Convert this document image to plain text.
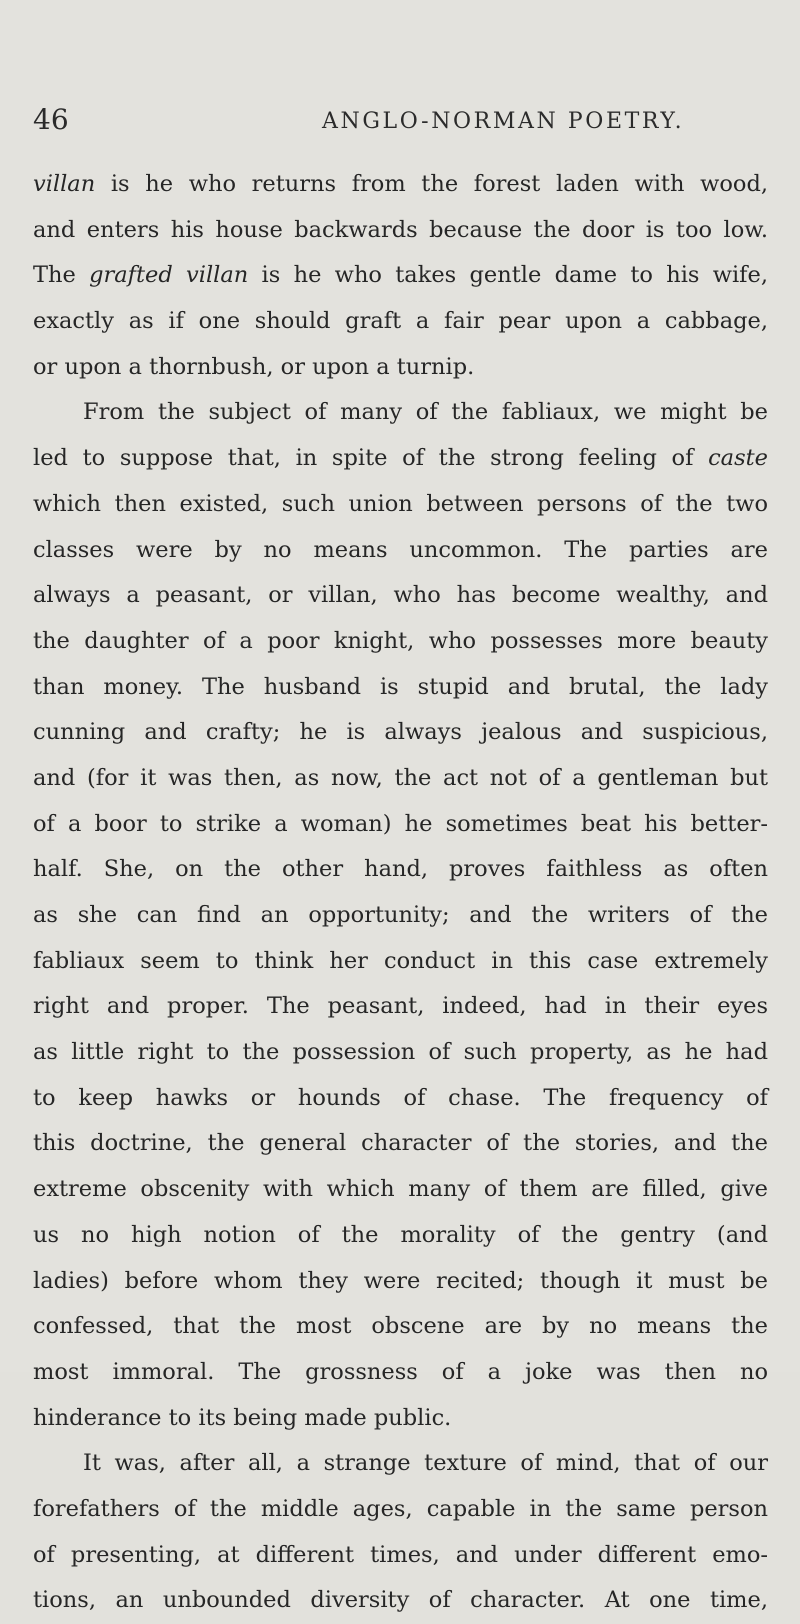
46	ANGLO-NORMAN POETRY.
villan is he who returns from the forest laden with wood,
and enters his house backwards because the door is too low.
The grafted villan is he who takes gentle dame to his wife,
exactly as if one should graft a fair pear upon a cabbage,
or upon a thornbush, or upon a turnip.
From the subject of many of the fabliaux, we might be
led to suppose that, in spite of the strong feeling of caste
which then existed, such union between persons of the two
classes were by no means uncommon. The parties are
always a peasant, or villan, who has become wealthy, and
the daughter of a poor knight, who possesses more beauty
than money. The husband is stupid and brutal, the lady
cunning and crafty; he is always jealous and suspicious,
and (for it was then, as now, the act not of a gentleman but
of a boor to strike a woman) he sometimes beat his better-
half. She, on the other hand, proves faithless as often
as she can find an opportunity; and the writers of the
fabliaux seem to think her conduct in this case extremely
right and proper. The peasant, indeed, had in their eyes
as little right to the possession of such property, as he had
to keep hawks or hounds of chase. The frequency of
this doctrine, the general character of the stories, and the
extreme obscenity with which many of them are filled, give
us no high notion of the morality of the gentry (and
ladies) before whom they were recited; though it must be
confessed, that the most obscene are by no means the
most immoral. The grossness of a joke was then no
hinderance to its being made public.
It was, after all, a strange texture of mind, that of our
forefathers of the middle ages, capable in the same person
of presenting, at different times, and under different emo-
tions, an unbounded diversity of character. At one time,
